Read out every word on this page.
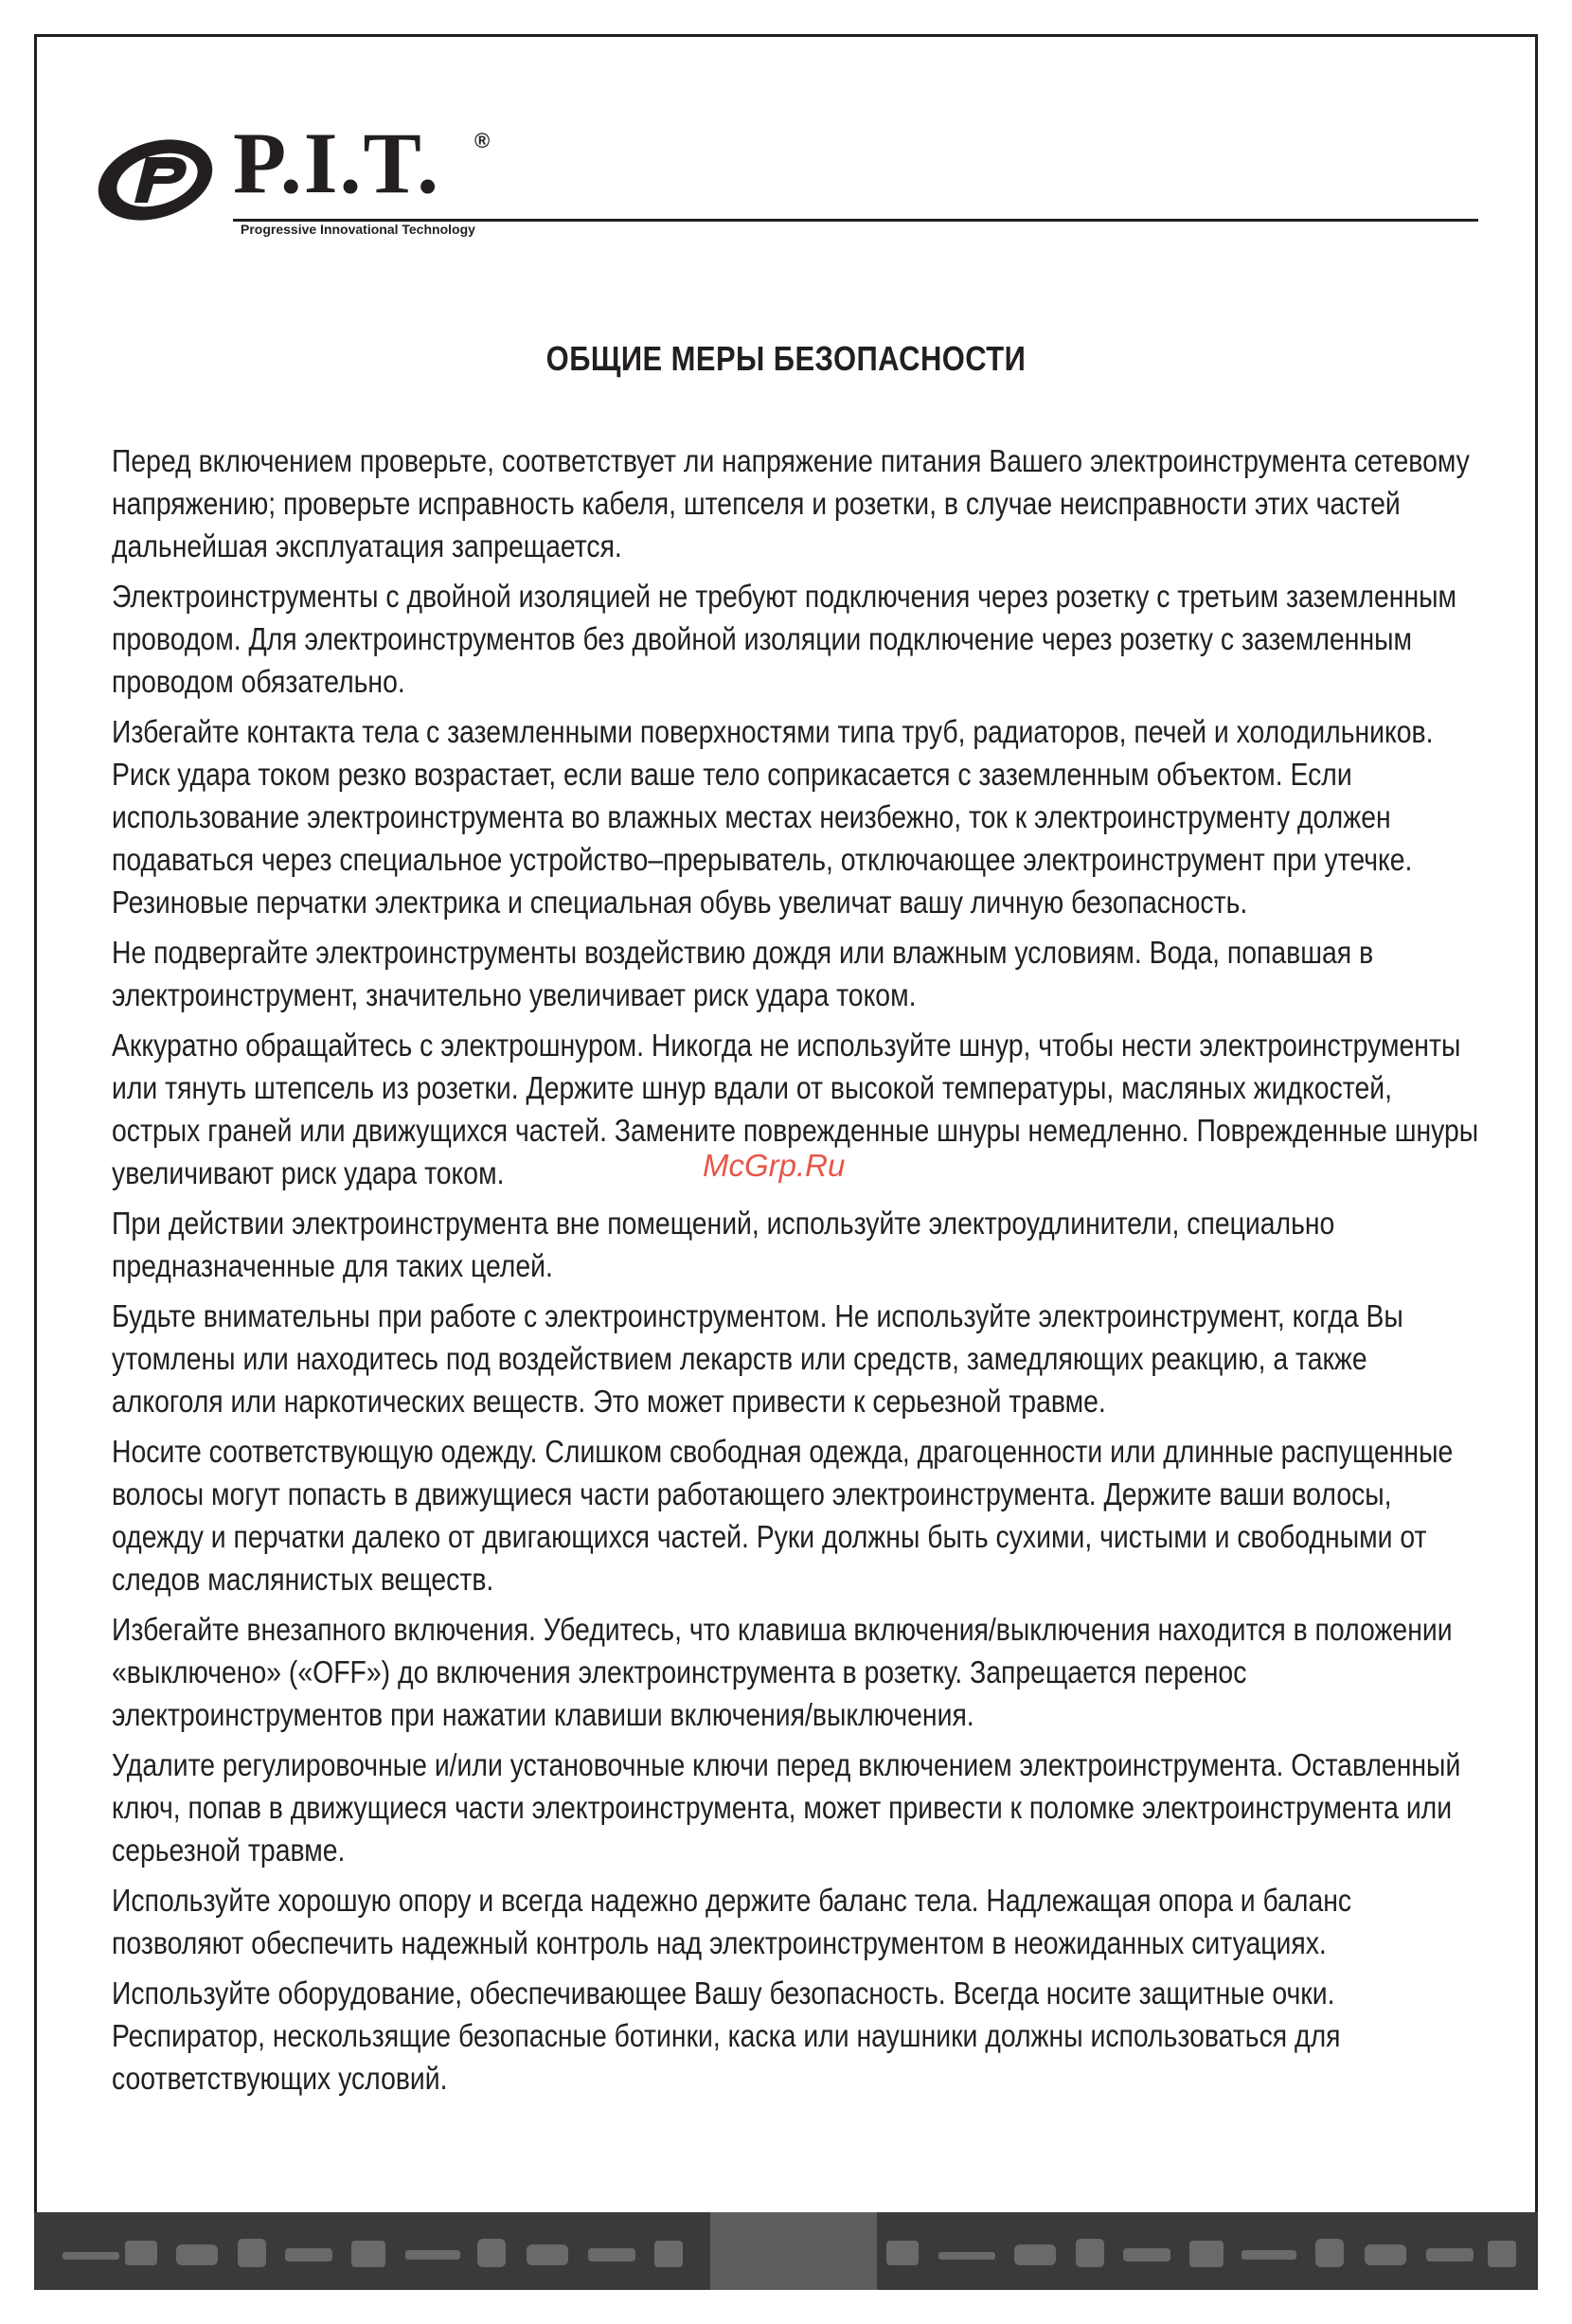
P.I.T. ®
Progressive Innovational Technology
ОБЩИЕ МЕРЫ БЕЗОПАСНОСТИ

Перед включением проверьте, соответствует ли напряжение питания Вашего электроинструмента сетевому напряжению; проверьте исправность кабеля, штепселя и розетки, в случае неисправности этих частей дальнейшая эксплуатация запрещается.

Электроинструменты с двойной изоляцией не требуют подключения через розетку с третьим заземленным проводом. Для электроинструментов без двойной изоляции подключение через розетку с заземленным проводом обязательно.

Избегайте контакта тела с заземленными поверхностями типа труб, радиаторов, печей и холодильников. Риск удара током резко возрастает, если ваше тело соприкасается с заземленным объектом. Если использование электроинструмента во влажных местах неизбежно, ток к электроинструменту должен подаваться через специальное устройство–прерыватель, отключающее электроинструмент при утечке. Резиновые перчатки электрика и специальная обувь увеличат вашу личную безопасность.

Не подвергайте электроинструменты воздействию дождя или влажным условиям. Вода, попавшая в электроинструмент, значительно увеличивает риск удара током.

Аккуратно обращайтесь с электрошнуром. Никогда не используйте шнур, чтобы нести электроинструменты или тянуть штепсель из розетки. Держите шнур вдали от высокой температуры, масляных жидкостей, острых граней или движущихся частей. Замените поврежденные шнуры немедленно. Поврежденные шнуры увеличивают риск удара током.

При действии электроинструмента вне помещений, используйте электроудлинители, специально предназначенные для таких целей.

Будьте внимательны при работе с электроинструментом. Не используйте электроинструмент, когда Вы утомлены или находитесь под воздействием лекарств или средств, замедляющих реакцию, а также алкоголя или наркотических веществ. Это может привести к серьезной травме.

Носите соответствующую одежду. Слишком свободная одежда, драгоценности или длинные распущенные волосы могут попасть в движущиеся части работающего электроинструмента. Держите ваши волосы, одежду и перчатки далеко от двигающихся частей. Руки должны быть сухими, чистыми и свободными от следов маслянистых веществ.

Избегайте внезапного включения. Убедитесь, что клавиша включения/выключения находится в положении «выключено» («OFF») до включения электроинструмента в розетку. Запрещается перенос электроинструментов при нажатии клавиши включения/выключения.

Удалите регулировочные и/или установочные ключи перед включением электроинструмента. Оставленный ключ, попав в движущиеся части электроинструмента, может привести к поломке электроинструмента или серьезной травме.

Используйте хорошую опору и всегда надежно держите баланс тела. Надлежащая опора и баланс позволяют обеспечить надежный контроль над электроинструментом в неожиданных ситуациях.

Используйте оборудование, обеспечивающее Вашу безопасность. Всегда носите защитные очки. Респиратор, нескользящие безопасные ботинки, каска или наушники должны использоваться для соответствующих условий.

McGrp.Ru
